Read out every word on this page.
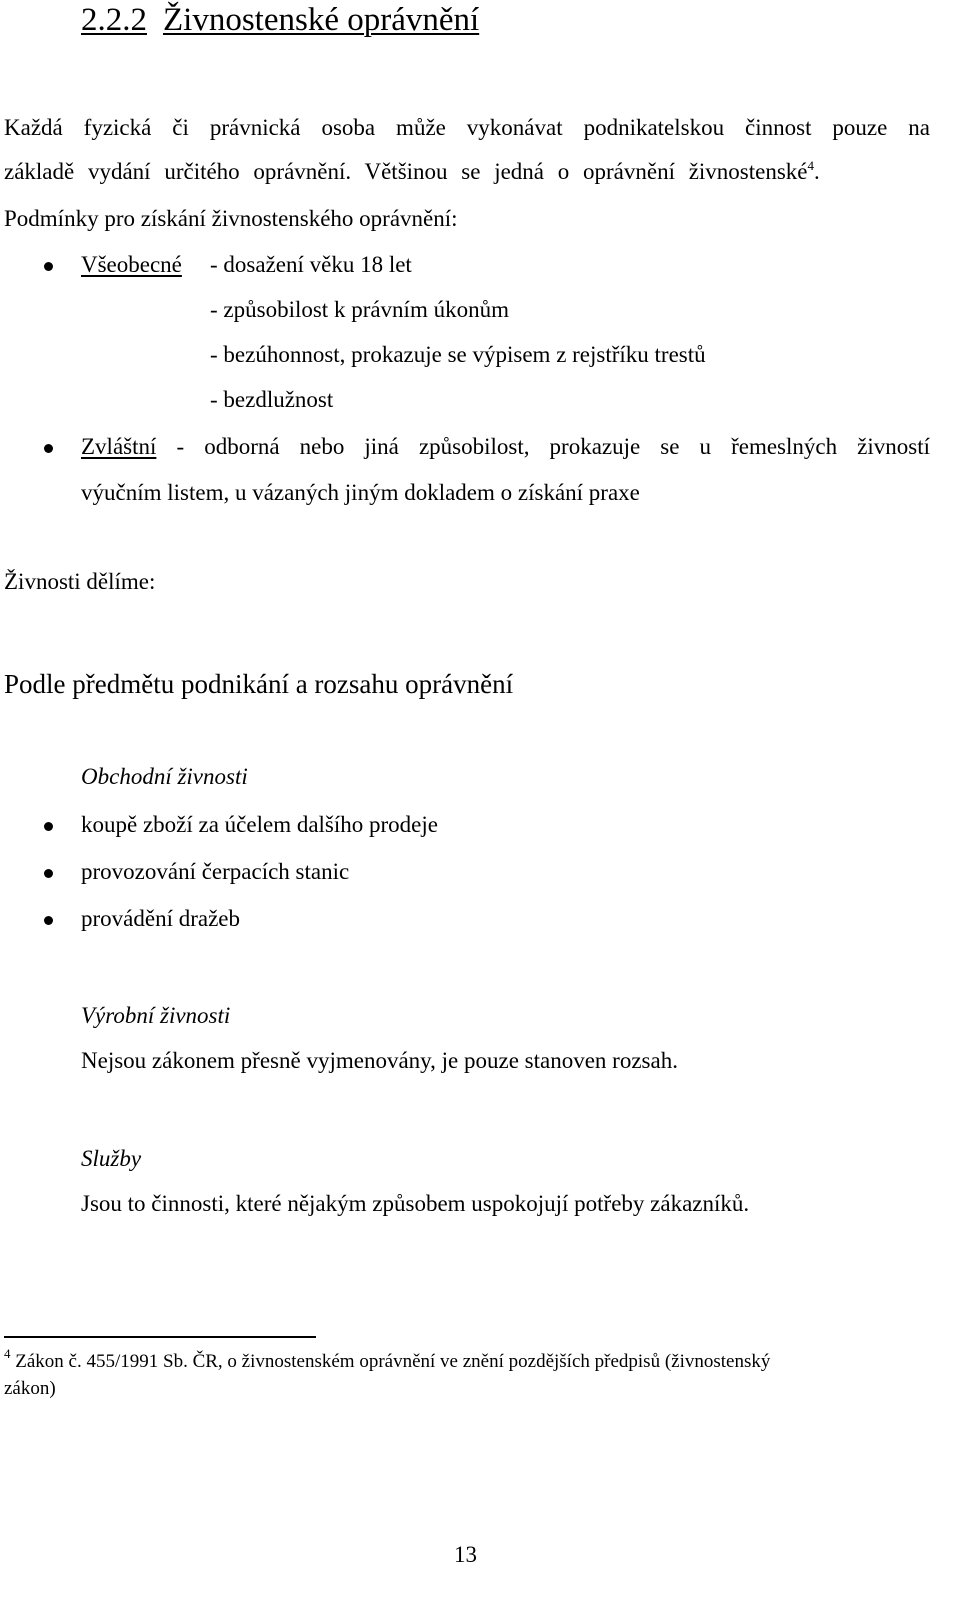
2.2.2 Živnostenské oprávnění
Každá fyzická či právnická osoba může vykonávat podnikatelskou činnost pouze na
základě vydání určitého oprávnění. Většinou se jedná o oprávnění živnostenské$^4$.
Podmínky pro získání živnostenského oprávnění:
Všeobecné - dosažení věku 18 let
- způsobilost k právním úkonům
- bezúhonnost, prokazuje se výpisem z rejstříku trestů
- bezdlužnost
Zvláštní - odborná nebo jiná způsobilost, prokazuje se u řemeslných živností
výučním listem, u vázaných jiným dokladem o získání praxe
Živnosti dělíme:
Podle předmětu podnikání a rozsahu oprávnění
Obchodní živnosti
koupě zboží za účelem dalšího prodeje
provozování čerpacích stanic
provádění dražeb
Výrobní živnosti
Nejsou zákonem přesně vyjmenovány, je pouze stanoven rozsah.
Služby
Jsou to činnosti, které nějakým způsobem uspokojují potřeby zákazníků.
$^4$ Zákon č. 455/1991 Sb. ČR, o živnostenském oprávnění ve znění pozdějších předpisů (živnostenský
zákon)
13
